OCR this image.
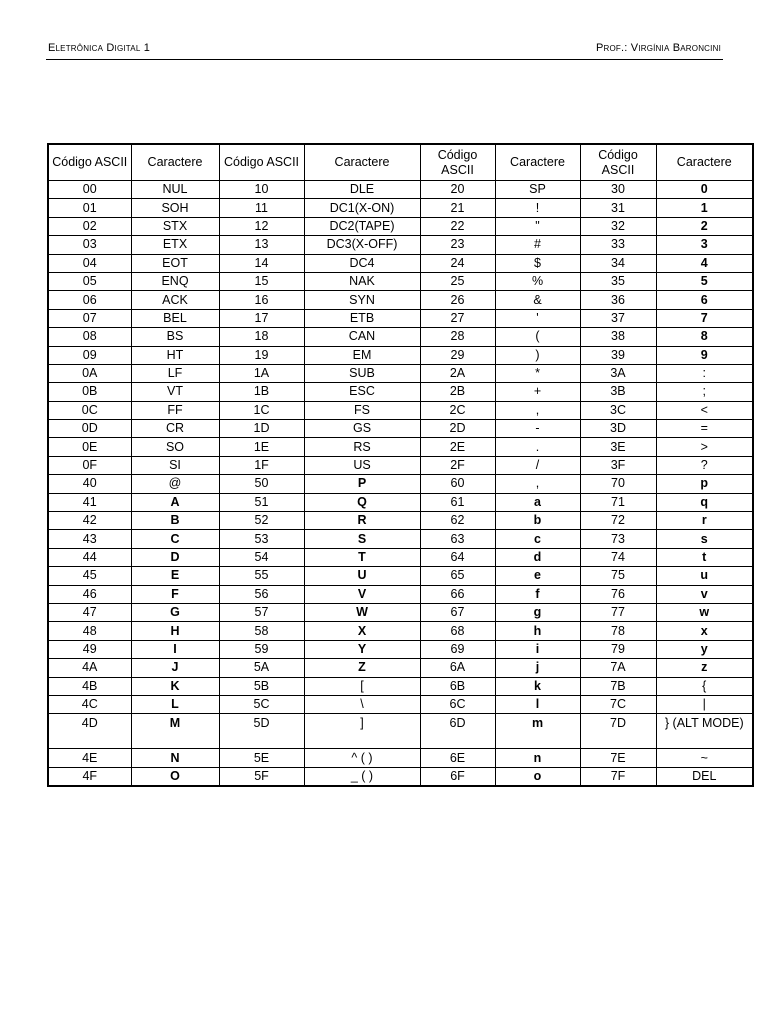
Eletrônica Digital 1	Prof.: Virgínia Baroncini
Código ASCII	Caractere	Código ASCII	Caractere	Código ASCII	Caractere	Código ASCII	Caractere
00	NUL	10	DLE	20	SP	30	0
01	SOH	11	DC1(X-ON)	21	!	31	1
02	STX	12	DC2(TAPE)	22	"	32	2
03	ETX	13	DC3(X-OFF)	23	#	33	3
04	EOT	14	DC4	24	$	34	4
05	ENQ	15	NAK	25	%	35	5
06	ACK	16	SYN	26	&	36	6
07	BEL	17	ETB	27	'	37	7
08	BS	18	CAN	28	(	38	8
09	HT	19	EM	29	)	39	9
0A	LF	1A	SUB	2A	*	3A	:
0B	VT	1B	ESC	2B	+	3B	;
0C	FF	1C	FS	2C	,	3C	<
0D	CR	1D	GS	2D	-	3D	=
0E	SO	1E	RS	2E	.	3E	>
0F	SI	1F	US	2F	/	3F	?
40	@	50	P	60	,	70	p
41	A	51	Q	61	a	71	q
42	B	52	R	62	b	72	r
43	C	53	S	63	c	73	s
44	D	54	T	64	d	74	t
45	E	55	U	65	e	75	u
46	F	56	V	66	f	76	v
47	G	57	W	67	g	77	w
48	H	58	X	68	h	78	x
49	I	59	Y	69	i	79	y
4A	J	5A	Z	6A	j	7A	z
4B	K	5B	[	6B	k	7B	{
4C	L	5C	\	6C	l	7C	|
4D	M	5D	]	6D	m	7D	} (ALT MODE)
4E	N	5E	^ ( )	6E	n	7E	~
4F	O	5F	_ ( )	6F	o	7F	DEL
